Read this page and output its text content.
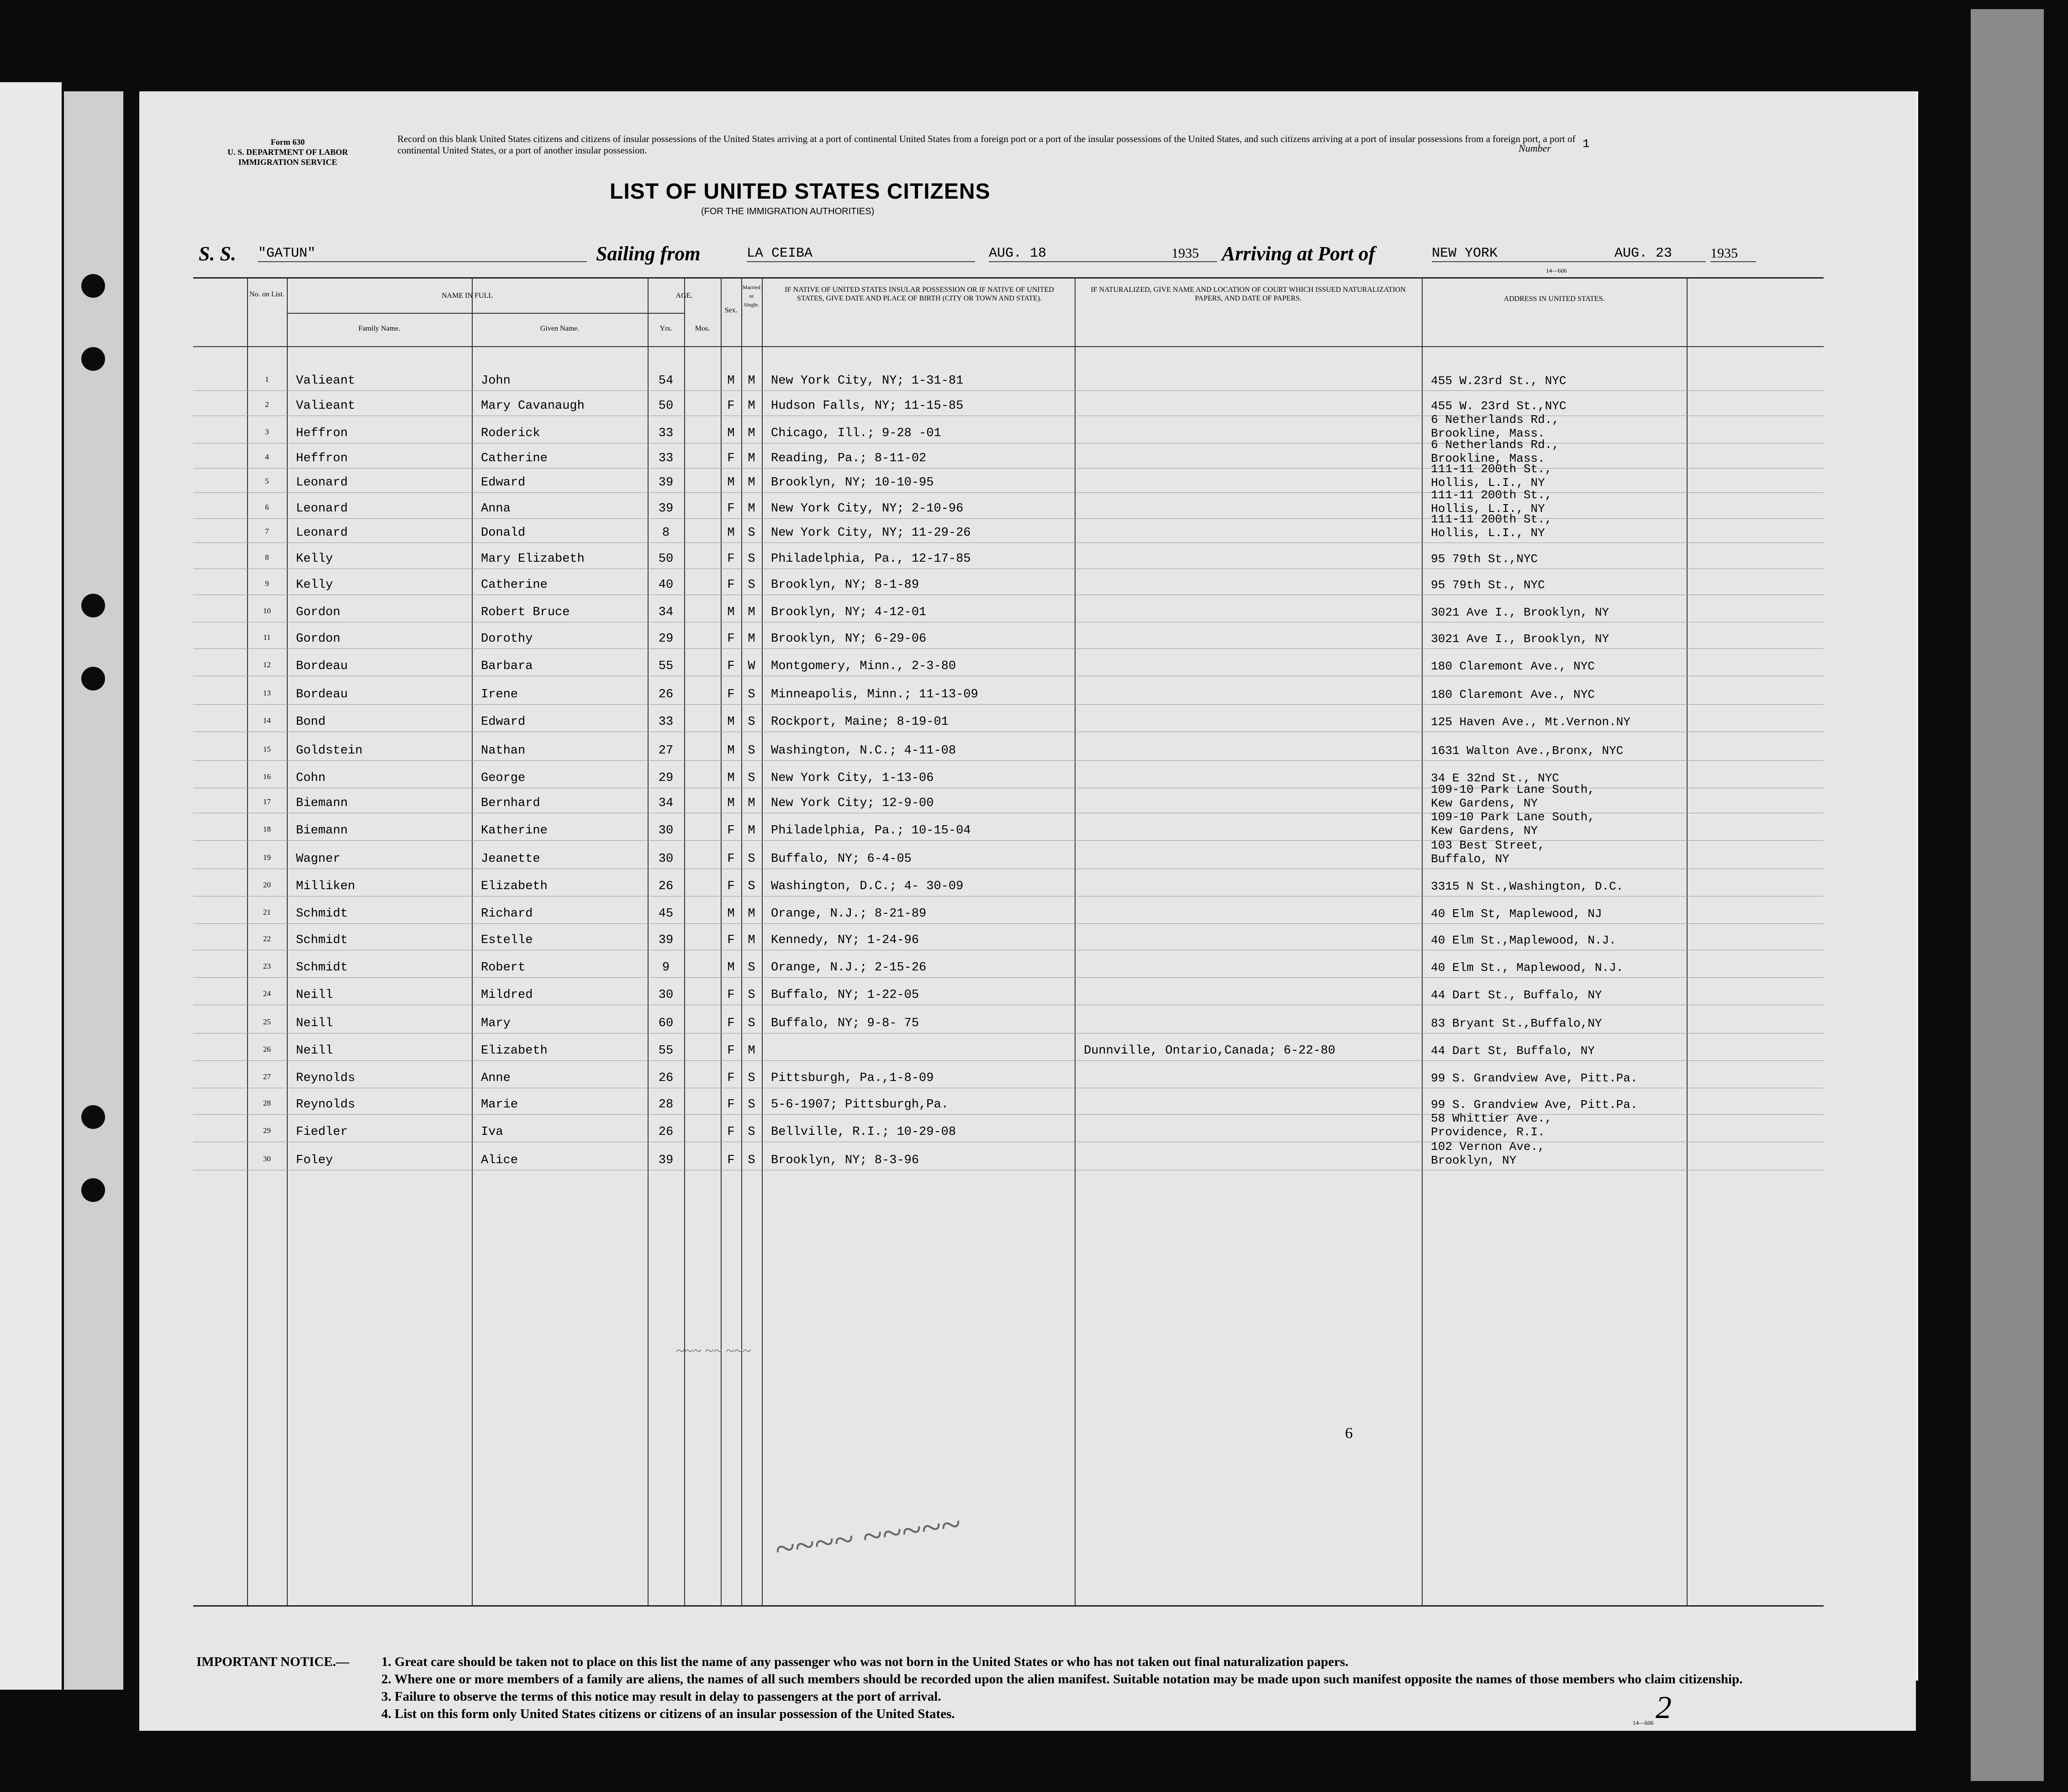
Form 630
U. S. DEPARTMENT OF LABOR
IMMIGRATION SERVICE
Record on this blank United States citizens and citizens of insular possessions of the United States arriving at a port of continental United States from a foreign port or a port of the insular possessions of the United States, and such citizens arriving at a port of insular possessions from a foreign port, a port of continental United States, or a port of another insular possession.	Number	1
LIST OF UNITED STATES CITIZENS
(FOR THE IMMIGRATION AUTHORITIES)
S. S. "GATUN"	Sailing from	LA CEIBA	AUG. 18	1935	Arriving at Port of	NEW YORK	AUG. 23	1935
14—606
No. on List.	NAME IN FULL
Family Name.	Given Name.
AGE.
Yrs.	Mos.
Sex.
Married or Single.
IF NATIVE OF UNITED STATES INSULAR POSSESSION OR IF NATIVE OF UNITED STATES, GIVE DATE AND PLACE OF BIRTH (CITY OR TOWN AND STATE).
IF NATURALIZED, GIVE NAME AND LOCATION OF COURT WHICH ISSUED NATURALIZATION PAPERS, AND DATE OF PAPERS.	ADDRESS IN UNITED STATES.
1	Valieant	John	54	M	M	New York City, NY; 1-31-81	455 W.23rd St., NYC
2	Valieant	Mary Cavanaugh	50	F	M	Hudson Falls, NY; 11-15-85	455 W. 23rd St.,NYC
3	Heffron	Roderick	33	M	M	Chicago, Ill.; 9-28 -01
6 Netherlands Rd.,
Brookline, Mass.
4	Heffron	Catherine	33	F	M	Reading, Pa.; 8-11-02
6 Netherlands Rd.,
Brookline, Mass.
5	Leonard	Edward	39	M	M	Brooklyn, NY; 10-10-95
111-11 200th St.,
Hollis, L.I., NY
6	Leonard	Anna	39	F	M	New York City, NY; 2-10-96
111-11 200th St.,
Hollis, L.I., NY
7	Leonard	Donald	8	M	S	New York City, NY; 11-29-26
111-11 200th St.,
Hollis, L.I., NY
8	Kelly	Mary Elizabeth	50	F	S	Philadelphia, Pa., 12-17-85	95 79th St.,NYC
9	Kelly	Catherine	40	F	S	Brooklyn, NY; 8-1-89	95 79th St., NYC
10	Gordon	Robert Bruce	34	M	M	Brooklyn, NY; 4-12-01	3021 Ave I., Brooklyn, NY
11	Gordon	Dorothy	29	F	M	Brooklyn, NY; 6-29-06	3021 Ave I., Brooklyn, NY
12	Bordeau	Barbara	55	F	W	Montgomery, Minn., 2-3-80	180 Claremont Ave., NYC
13	Bordeau	Irene	26	F	S	Minneapolis, Minn.; 11-13-09	180 Claremont Ave., NYC
14	Bond	Edward	33	M	S	Rockport, Maine; 8-19-01	125 Haven Ave., Mt.Vernon.NY
15	Goldstein	Nathan	27	M	S	Washington, N.C.; 4-11-08	1631 Walton Ave.,Bronx, NYC
16	Cohn	George	29	M	S	New York City, 1-13-06	34 E 32nd St., NYC
17	Biemann	Bernhard	34	M	M	New York City; 12-9-00
109-10 Park Lane South,
Kew Gardens, NY
18	Biemann	Katherine	30	F	M	Philadelphia, Pa.; 10-15-04
109-10 Park Lane South,
Kew Gardens, NY
19	Wagner	Jeanette	30	F	S	Buffalo, NY; 6-4-05
103 Best Street,
Buffalo, NY
20	Milliken	Elizabeth	26	F	S	Washington, D.C.; 4- 30-09	3315 N St.,Washington, D.C.
21	Schmidt	Richard	45	M	M	Orange, N.J.; 8-21-89	40 Elm St, Maplewood, NJ
22	Schmidt	Estelle	39	F	M	Kennedy, NY; 1-24-96	40 Elm St.,Maplewood, N.J.
23	Schmidt	Robert	9	M	S	Orange, N.J.; 2-15-26	40 Elm St., Maplewood, N.J.
24	Neill	Mildred	30	F	S	Buffalo, NY; 1-22-05	44 Dart St., Buffalo, NY
25	Neill	Mary	60	F	S	Buffalo, NY; 9-8- 75	83 Bryant St.,Buffalo,NY
26	Neill	Elizabeth	55	F	M	Dunnville, Ontario,Canada; 6-22-80	44 Dart St, Buffalo, NY
27	Reynolds	Anne	26	F	S	Pittsburgh, Pa.,1-8-09	99 S. Grandview Ave, Pitt.Pa.
28	Reynolds	Marie	28	F	S	5-6-1907; Pittsburgh,Pa.	99 S. Grandview Ave, Pitt.Pa.
29	Fiedler	Iva	26	F	S	Bellville, R.I.; 10-29-08
58 Whittier Ave.,
Providence, R.I.
30	Foley	Alice	39	F	S	Brooklyn, NY; 8-3-96
102 Vernon Ave.,
Brooklyn, NY
~~~ ~~ ~~~
~~~~ ~~~~~
6
IMPORTANT NOTICE.— 1. Great care should be taken not to place on this list the name of any passenger who was not born in the United States or who has not taken out final naturalization papers.
2. Where one or more members of a family are aliens, the names of all such members should be recorded upon the alien manifest. Suitable notation may be made upon such manifest opposite the names of those members who claim citizenship.
3. Failure to observe the terms of this notice may result in delay to passengers at the port of arrival.
4. List on this form only United States citizens or citizens of an insular possession of the United States.
14—606 2
